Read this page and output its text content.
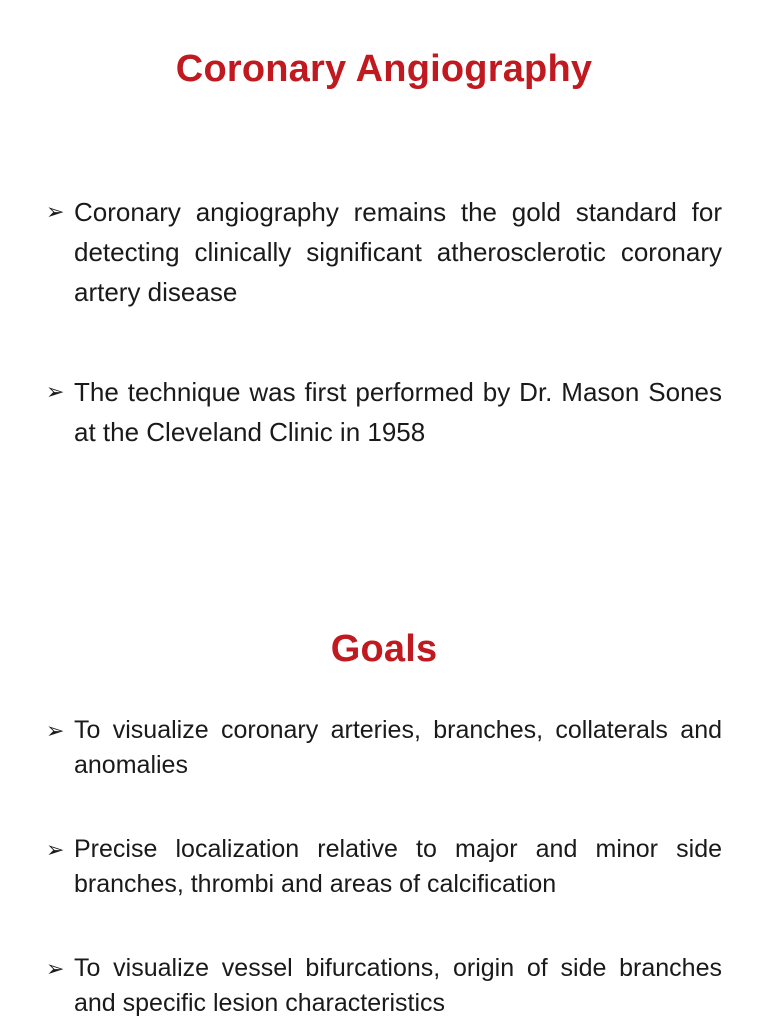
Coronary Angiography

➢ Coronary angiography remains the gold standard for detecting clinically significant atherosclerotic coronary artery disease

➢ The technique was first performed by Dr. Mason Sones at the Cleveland Clinic in 1958

Goals

➢ To visualize coronary arteries, branches, collaterals and anomalies

➢ Precise localization relative to major and minor side branches, thrombi and areas of calcification

➢ To visualize vessel bifurcations, origin of side branches and specific lesion characteristics
